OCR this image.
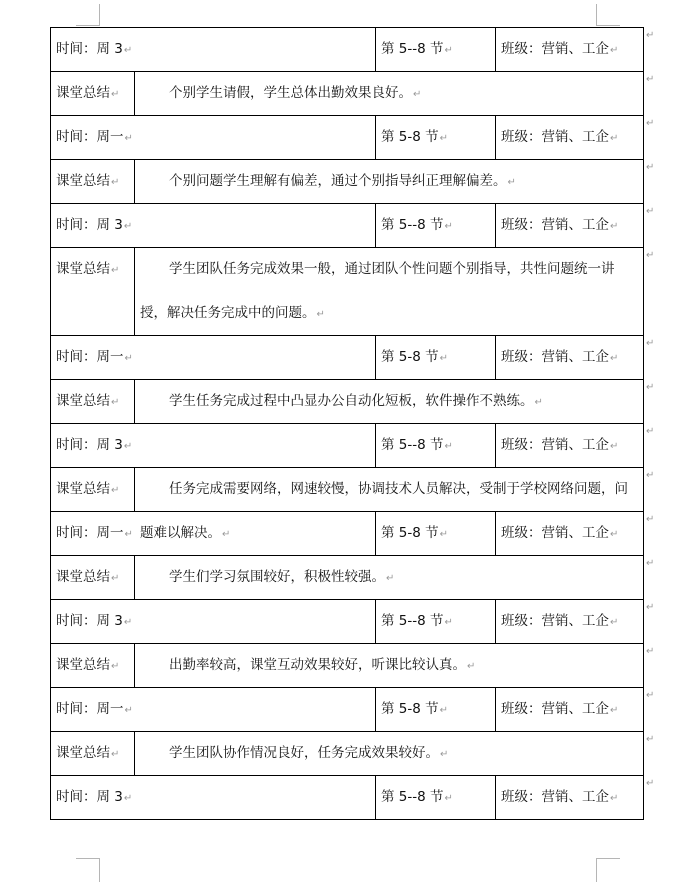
时间：周 3↵	第 5--8 节↵	班级：营销、工企↵
↵
课堂总结↵	个别学生请假，学生总体出勤效果良好。↵
↵
时间：周一↵	第 5-8 节↵	班级：营销、工企↵
↵
课堂总结↵	个别问题学生理解有偏差，通过个别指导纠正理解偏差。↵
↵
时间：周 3↵	第 5--8 节↵	班级：营销、工企↵
↵
课堂总结↵	学生团队任务完成效果一般，通过团队个性问题个别指导，共性问题统一讲授，解决任务完成中的问题。↵
↵
时间：周一↵	第 5-8 节↵	班级：营销、工企↵
↵
课堂总结↵	学生任务完成过程中凸显办公自动化短板，软件操作不熟练。↵
↵
时间：周 3↵	第 5--8 节↵	班级：营销、工企↵
↵
课堂总结↵	任务完成需要网络，网速较慢，协调技术人员解决，受制于学校网络问题，问题难以解决。↵
↵
时间：周一↵	第 5-8 节↵	班级：营销、工企↵
↵
课堂总结↵	学生们学习氛围较好，积极性较强。↵
↵
时间：周 3↵	第 5--8 节↵	班级：营销、工企↵
↵
课堂总结↵	出勤率较高，课堂互动效果较好，听课比较认真。↵
↵
时间：周一↵	第 5-8 节↵	班级：营销、工企↵
↵
课堂总结↵	学生团队协作情况良好，任务完成效果较好。↵
↵
时间：周 3↵	第 5--8 节↵	班级：营销、工企↵
↵
